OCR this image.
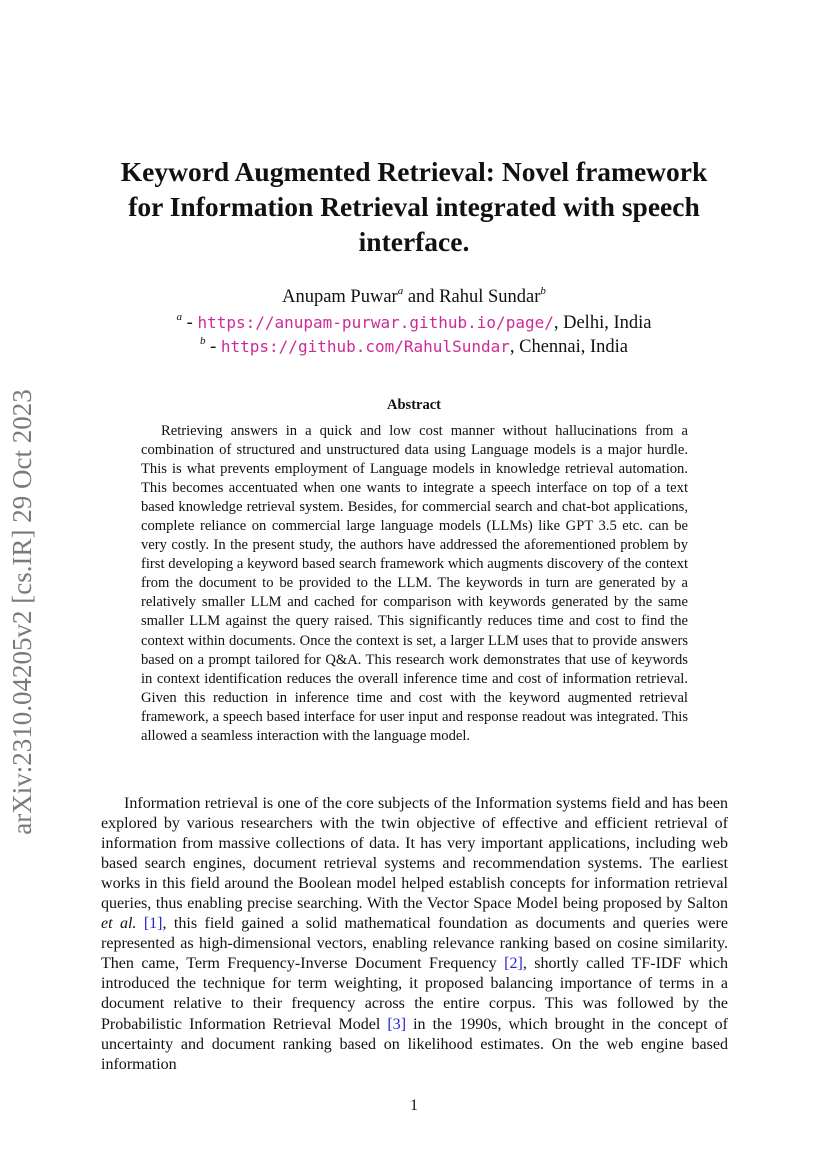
arXiv:2310.04205v2 [cs.IR] 29 Oct 2023
Keyword Augmented Retrieval: Novel framework for Information Retrieval integrated with speech interface.
Anupam Puwar$^a$ and Rahul Sundar$^b$
$^a$ - https://anupam-purwar.github.io/page/, Delhi, India
$^b$ - https://github.com/RahulSundar, Chennai, India
Abstract

Retrieving answers in a quick and low cost manner without hallucinations from a combination of structured and unstructured data using Language models is a major hurdle. This is what prevents employment of Language models in knowledge retrieval automation. This becomes accentuated when one wants to integrate a speech interface on top of a text based knowledge retrieval system. Besides, for commercial search and chat-bot applications, complete reliance on commercial large language models (LLMs) like GPT 3.5 etc. can be very costly. In the present study, the authors have addressed the aforementioned problem by first developing a keyword based search framework which augments discovery of the context from the document to be provided to the LLM. The keywords in turn are generated by a relatively smaller LLM and cached for comparison with keywords generated by the same smaller LLM against the query raised. This significantly reduces time and cost to find the context within documents. Once the context is set, a larger LLM uses that to provide answers based on a prompt tailored for Q&A. This research work demonstrates that use of keywords in context identification reduces the overall inference time and cost of information retrieval. Given this reduction in inference time and cost with the keyword augmented retrieval framework, a speech based interface for user input and response readout was integrated. This allowed a seamless interaction with the language model.

Information retrieval is one of the core subjects of the Information systems field and has been explored by various researchers with the twin objective of effective and efficient retrieval of information from massive collections of data. It has very important applications, including web based search engines, document retrieval systems and recommendation systems. The earliest works in this field around the Boolean model helped establish concepts for information retrieval queries, thus enabling precise searching. With the Vector Space Model being proposed by Salton et al. [1], this field gained a solid mathematical foundation as documents and queries were represented as high-dimensional vectors, enabling relevance ranking based on cosine similarity. Then came, Term Frequency-Inverse Document Frequency [2], shortly called TF-IDF which introduced the technique for term weighting, it proposed balancing importance of terms in a document relative to their frequency across the entire corpus. This was followed by the Probabilistic Information Retrieval Model [3] in the 1990s, which brought in the concept of uncertainty and document ranking based on likelihood estimates. On the web engine based information

1
